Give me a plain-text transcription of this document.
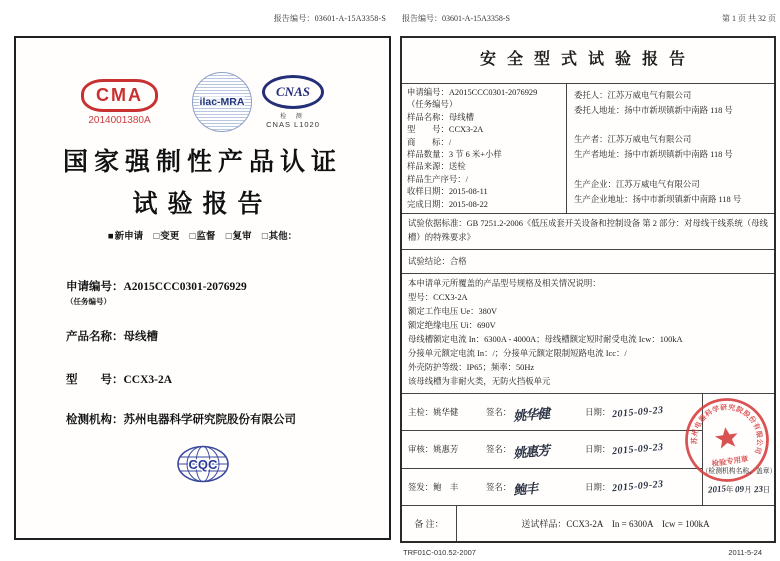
报告编号：03601-A-15A3358-S
CMA
2014001380A
ilac-MRA
CNAS
检 测
CNAS L1020
国家强制性产品认证
试验报告
■新申请 □变更 □监督 □复审 □其他：
申请编号：A2015CCC0301-2076929
（任务编号）
产品名称：母线槽
型　　号：CCX3-2A
检测机构：苏州电器科学研究院股份有限公司
CQC
报告编号：03601-A-15A3358-S	第 1 页 共 32 页
安全型式试验报告
申请编号：A2015CCC0301-2076929
（任务编号）
样品名称：母线槽
型　　号：CCX3-2A
商　　标：/
样品数量：3 节 6 米+小样
样品来源：送检
样品生产序号：/
收样日期：2015-08-11
完成日期：2015-08-22
委托人：江苏万威电气有限公司
委托人地址：扬中市新坝镇新中南路 118 号
生产者：江苏万威电气有限公司
生产者地址：扬中市新坝镇新中南路 118 号
生产企业：江苏万威电气有限公司
生产企业地址：扬中市新坝镇新中南路 118 号
试验依据标准：GB 7251.2-2006《低压成套开关设备和控制设备 第 2 部分：对母线干线系统（母线槽）的特殊要求》
试验结论：合格
本申请单元所覆盖的产品型号规格及相关情况说明：
型号：CCX3-2A
额定工作电压 Ue：380V
额定绝缘电压 Ui：690V
母线槽额定电流 In：6300A - 4000A；母线槽额定短时耐受电流 Icw：100kA
分接单元额定电流 In：/；分接单元额定限制短路电流 Icc：/
外壳防护等级：IP65；频率：50Hz
该母线槽为非耐火类，无防火挡板单元
主检：姚华健	签名： 姚华健	日期： 2015-09-23
审核：姚惠芳	签名： 姚惠芳	日期： 2015-09-23
签发：鲍　丰	签名： 鲍丰	日期： 2015-09-23
苏州电器科学研究院股份有限公司
检验专用章
（检测机构名称、盖章）
2015年 09月 23日
备 注：	送试样品：CCX3-2A　In = 6300A　Icw = 100kA
TRF01C-010.52-2007	2011-5-24
